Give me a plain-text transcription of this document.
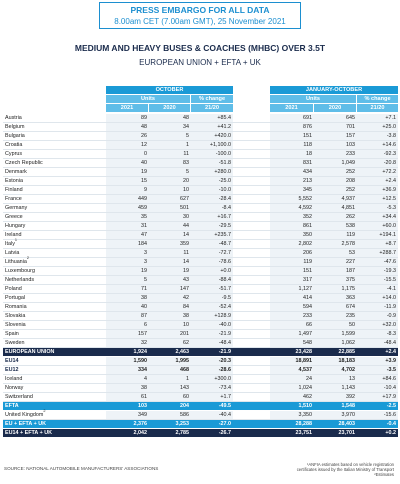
PRESS EMBARGO FOR ALL DATA
8.00am CET (7.00am GMT), 25 November 2021
MEDIUM AND HEAVY BUSES & COACHES (MHBC) OVER 3.5T
EUROPEAN UNION + EFTA + UK
OCTOBER	JANUARY-OCTOBER
Units	% change	Units	% change
2021	2020	21/20	2021	2020	21/20
Austria	89	48	+85.4		691	645	+7.1
Belgium	48	34	+41.2		876	701	+25.0
Bulgaria	26	5	+420.0		151	157	-3.8
Croatia	12	1	+1,100.0		118	103	+14.6
Cyprus	0	11	-100.0		18	233	-92.3
Czech Republic	40	83	-51.8		831	1,049	-20.8
Denmark	19	5	+280.0		434	252	+72.2
Estonia	15	20	-25.0		213	208	+2.4
Finland	9	10	-10.0		345	252	+36.9
France	449	627	-28.4		5,552	4,937	+12.5
Germany	459	501	-8.4		4,592	4,851	-5.3
Greece	35	30	+16.7		352	262	+34.4
Hungary	31	44	-29.5		861	538	+60.0
Ireland	47	14	+235.7		350	119	+194.1
Italy$^1$	184	359	-48.7		2,802	2,578	+8.7
Latvia	3	11	-72.7		206	53	+288.7
Lithuania$^2$	3	14	-78.6		119	227	-47.6
Luxembourg	19	19	+0.0		151	187	-19.3
Netherlands	5	43	-88.4		317	375	-15.5
Poland	71	147	-51.7		1,127	1,175	-4.1
Portugal	38	42	-9.5		414	363	+14.0
Romania	40	84	-52.4		594	674	-11.9
Slovakia	87	38	+128.9		233	235	-0.9
Slovenia	6	10	-40.0		66	50	+32.0
Spain	157	201	-21.9		1,497	1,599	-8.3
Sweden	32	62	-48.4		548	1,062	-48.4
EUROPEAN UNION	1,924	2,463	-21.9		23,428	22,885	+2.4
EU14	1,590	1,995	-20.3		18,891	18,183	+3.9
EU12	334	468	-28.6		4,537	4,702	-3.5
Iceland	4	1	+300.0		24	13	+84.6
Norway	38	143	-73.4		1,024	1,143	-10.4
Switzerland	61	60	+1.7		462	392	+17.9
EFTA	103	204	-49.5		1,510	1,548	-2.5
United Kingdom$^2$	349	586	-40.4		3,350	3,970	-15.6
EU + EFTA + UK	2,376	3,253	-27.0		28,288	28,403	-0.4
EU14 + EFTA + UK	2,042	2,785	-26.7		23,751	23,701	+0.2
SOURCE: NATIONAL AUTOMOBILE MANUFACTURERS' ASSOCIATIONS
¹ANFIA estimates based on vehicle registration
certificates issued by the Italian Ministry of Transport
²Estimates
